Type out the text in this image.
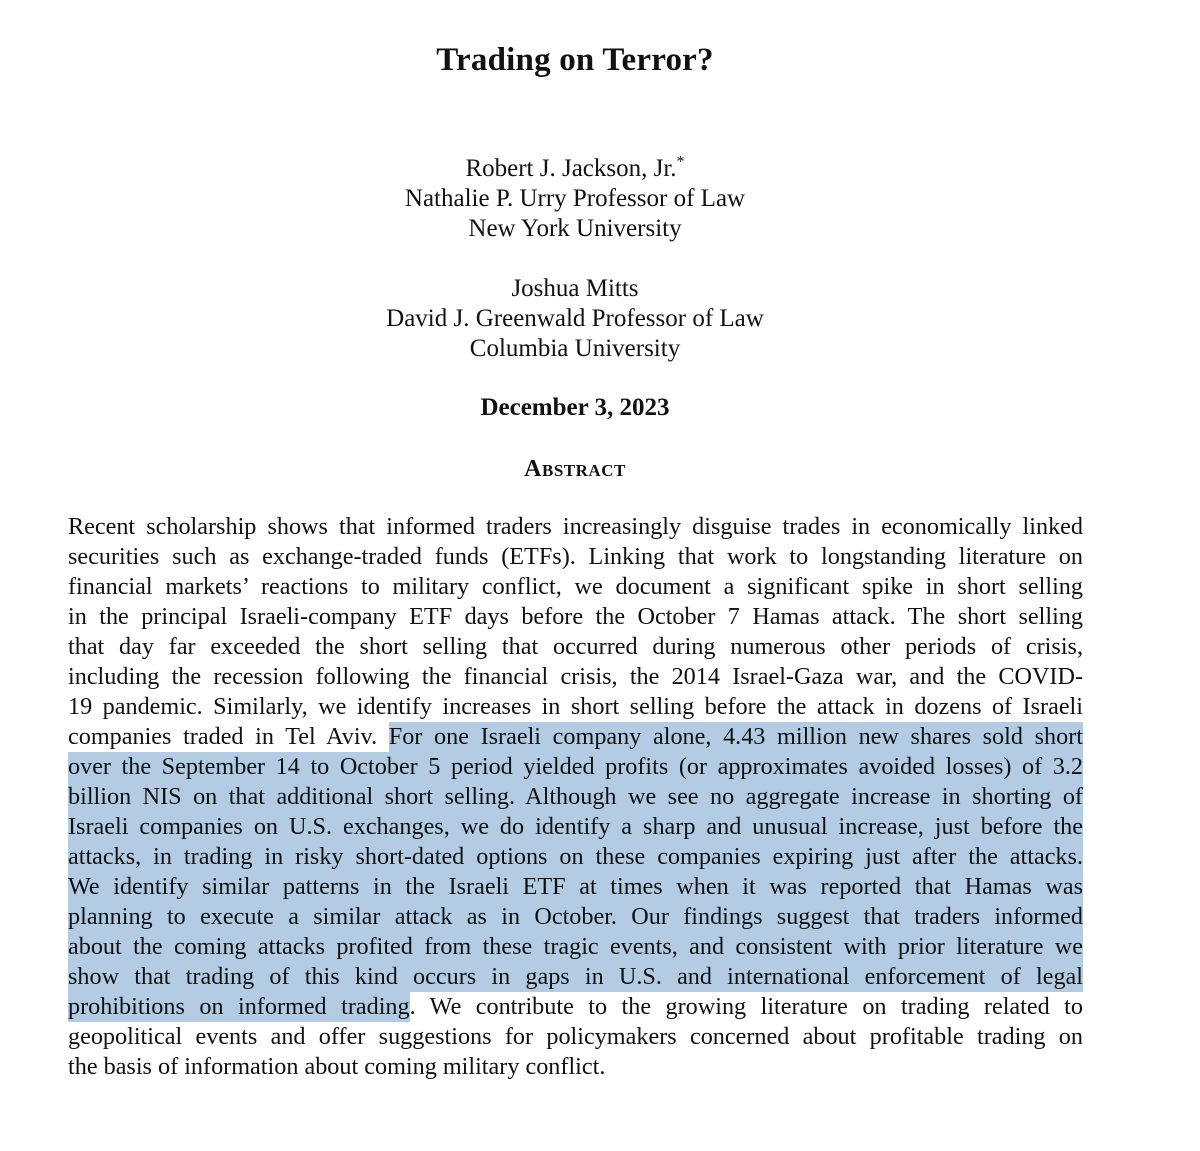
Trading on Terror?
Robert J. Jackson, Jr.*
Nathalie P. Urry Professor of Law
New York University
Joshua Mitts
David J. Greenwald Professor of Law
Columbia University
December 3, 2023
Abstract
Recent scholarship shows that informed traders increasingly disguise trades in economically linked
securities such as exchange-traded funds (ETFs). Linking that work to longstanding literature on
financial markets’ reactions to military conflict, we document a significant spike in short selling
in the principal Israeli-company ETF days before the October 7 Hamas attack. The short selling
that day far exceeded the short selling that occurred during numerous other periods of crisis,
including the recession following the financial crisis, the 2014 Israel-Gaza war, and the COVID-
19 pandemic. Similarly, we identify increases in short selling before the attack in dozens of Israeli
companies traded in Tel Aviv. For one Israeli company alone, 4.43 million new shares sold short
over the September 14 to October 5 period yielded profits (or approximates avoided losses) of 3.2
billion NIS on that additional short selling. Although we see no aggregate increase in shorting of
Israeli companies on U.S. exchanges, we do identify a sharp and unusual increase, just before the
attacks, in trading in risky short-dated options on these companies expiring just after the attacks.
We identify similar patterns in the Israeli ETF at times when it was reported that Hamas was
planning to execute a similar attack as in October. Our findings suggest that traders informed
about the coming attacks profited from these tragic events, and consistent with prior literature we
show that trading of this kind occurs in gaps in U.S. and international enforcement of legal
prohibitions on informed trading. We contribute to the growing literature on trading related to
geopolitical events and offer suggestions for policymakers concerned about profitable trading on
the basis of information about coming military conflict.
